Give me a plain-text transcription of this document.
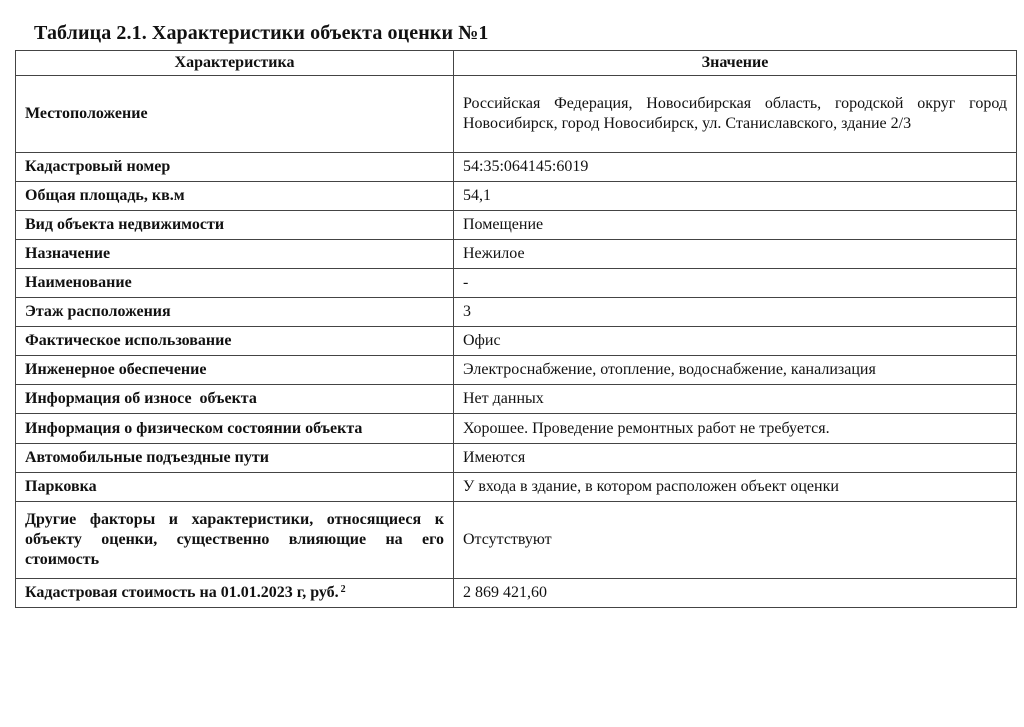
Таблица 2.1. Характеристики объекта оценки №1
Характеристика	Значение
Местоположение	Российская Федерация, Новосибирская область, городской округ город Новосибирск, город Новосибирск, ул. Станиславского, здание 2/3
Кадастровый номер	54:35:064145:6019
Общая площадь, кв.м	54,1
Вид объекта недвижимости	Помещение
Назначение	Нежилое
Наименование	-
Этаж расположения	3
Фактическое использование	Офис
Инженерное обеспечение	Электроснабжение, отопление, водоснабжение, канализация
Информация об износе  объекта	Нет данных
Информация о физическом состоянии объекта	Хорошее. Проведение ремонтных работ не требуется.
Автомобильные подъездные пути	Имеются
Парковка	У входа в здание, в котором расположен объект оценки
Другие факторы и характеристики, относящиеся к объекту оценки, существенно влияющие на его стоимость	Отсутствуют
Кадастровая стоимость на 01.01.2023 г, руб. $^2$	2 869 421,60
